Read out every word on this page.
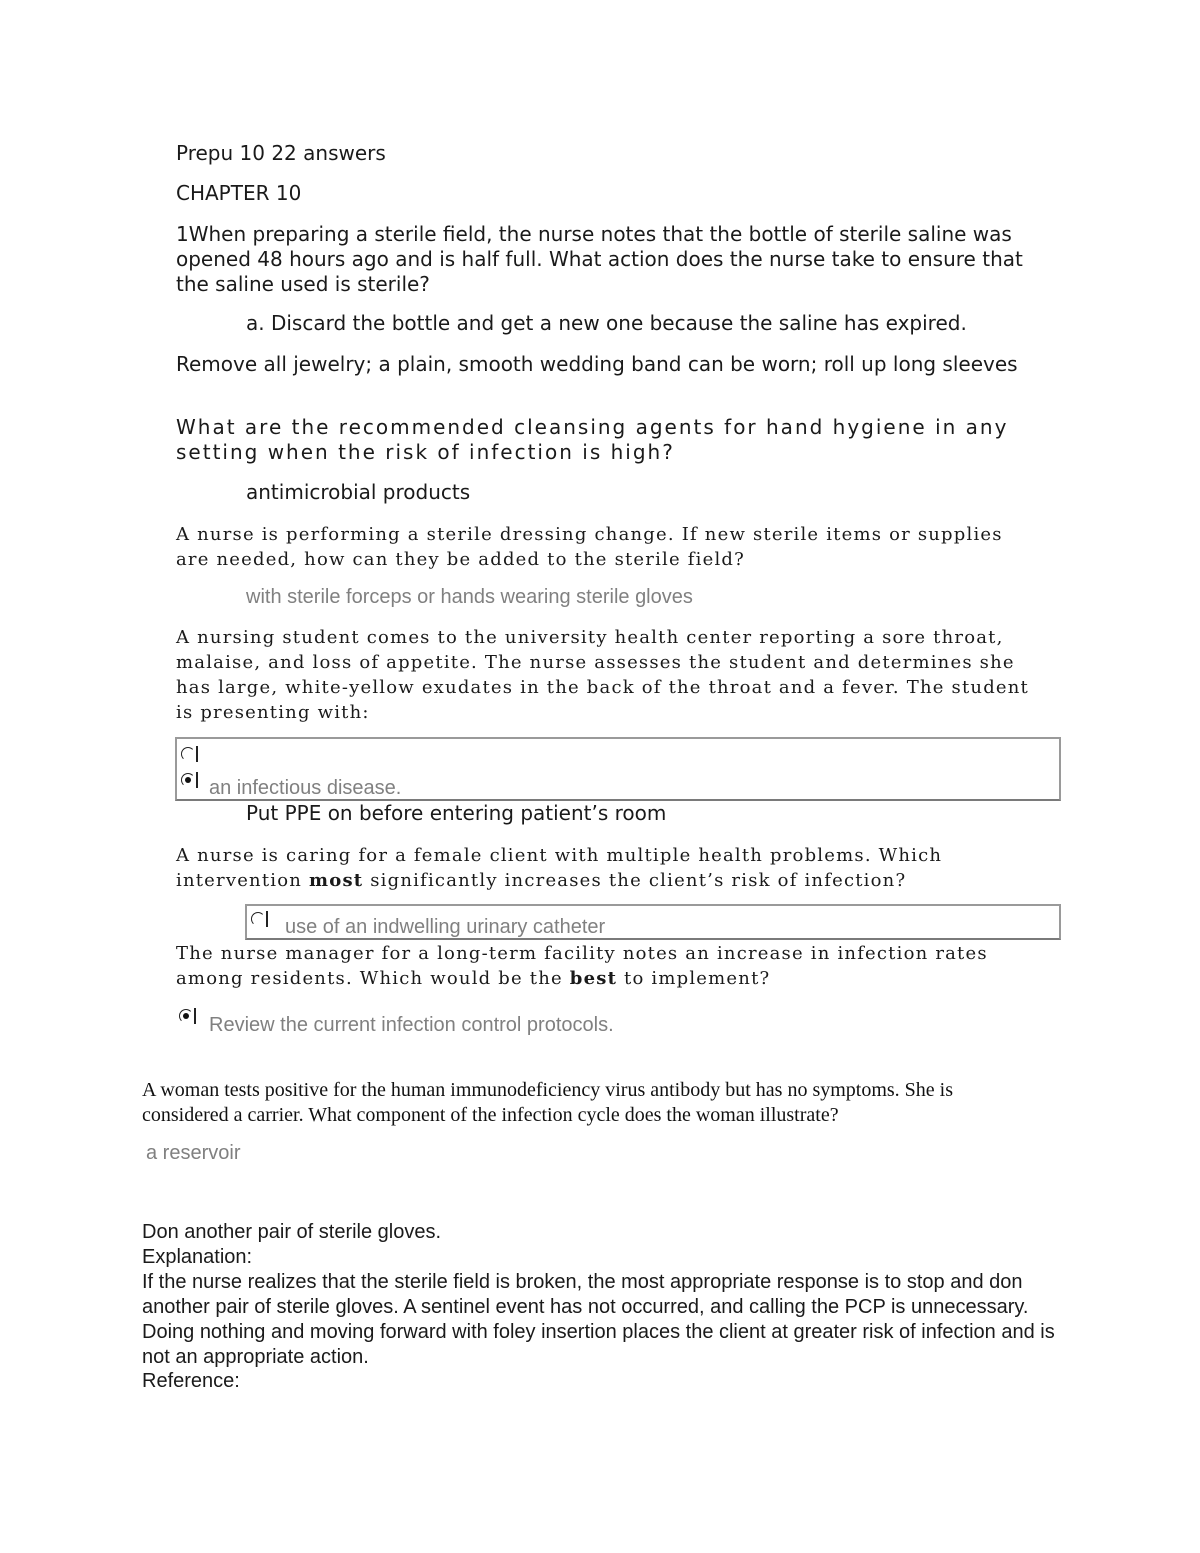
Prepu 10 22 answers
CHAPTER 10
1When preparing a sterile field, the nurse notes that the bottle of sterile saline was opened 48 hours ago and is half full. What action does the nurse take to ensure that the saline used is sterile?
a. Discard the bottle and get a new one because the saline has expired.
Remove all jewelry; a plain, smooth wedding band can be worn; roll up long sleeves
What are the recommended cleansing agents for hand hygiene in any setting when the risk of infection is high?
antimicrobial products
A nurse is performing a sterile dressing change. If new sterile items or supplies are needed, how can they be added to the sterile field?
with sterile forceps or hands wearing sterile gloves
A nursing student comes to the university health center reporting a sore throat, malaise, and loss of appetite. The nurse assesses the student and determines she has large, white-yellow exudates in the back of the throat and a fever. The student is presenting with:
an infectious disease.
Put PPE on before entering patient’s room
A nurse is caring for a female client with multiple health problems. Which intervention most significantly increases the client’s risk of infection?
use of an indwelling urinary catheter
The nurse manager for a long-term facility notes an increase in infection rates among residents. Which would be the best to implement?
Review the current infection control protocols.
A woman tests positive for the human immunodeficiency virus antibody but has no symptoms. She is considered a carrier. What component of the infection cycle does the woman illustrate?
a reservoir
Don another pair of sterile gloves.
Explanation:
If the nurse realizes that the sterile field is broken, the most appropriate response is to stop and don another pair of sterile gloves. A sentinel event has not occurred, and calling the PCP is unnecessary. Doing nothing and moving forward with foley insertion places the client at greater risk of infection and is not an appropriate action.
Reference:
